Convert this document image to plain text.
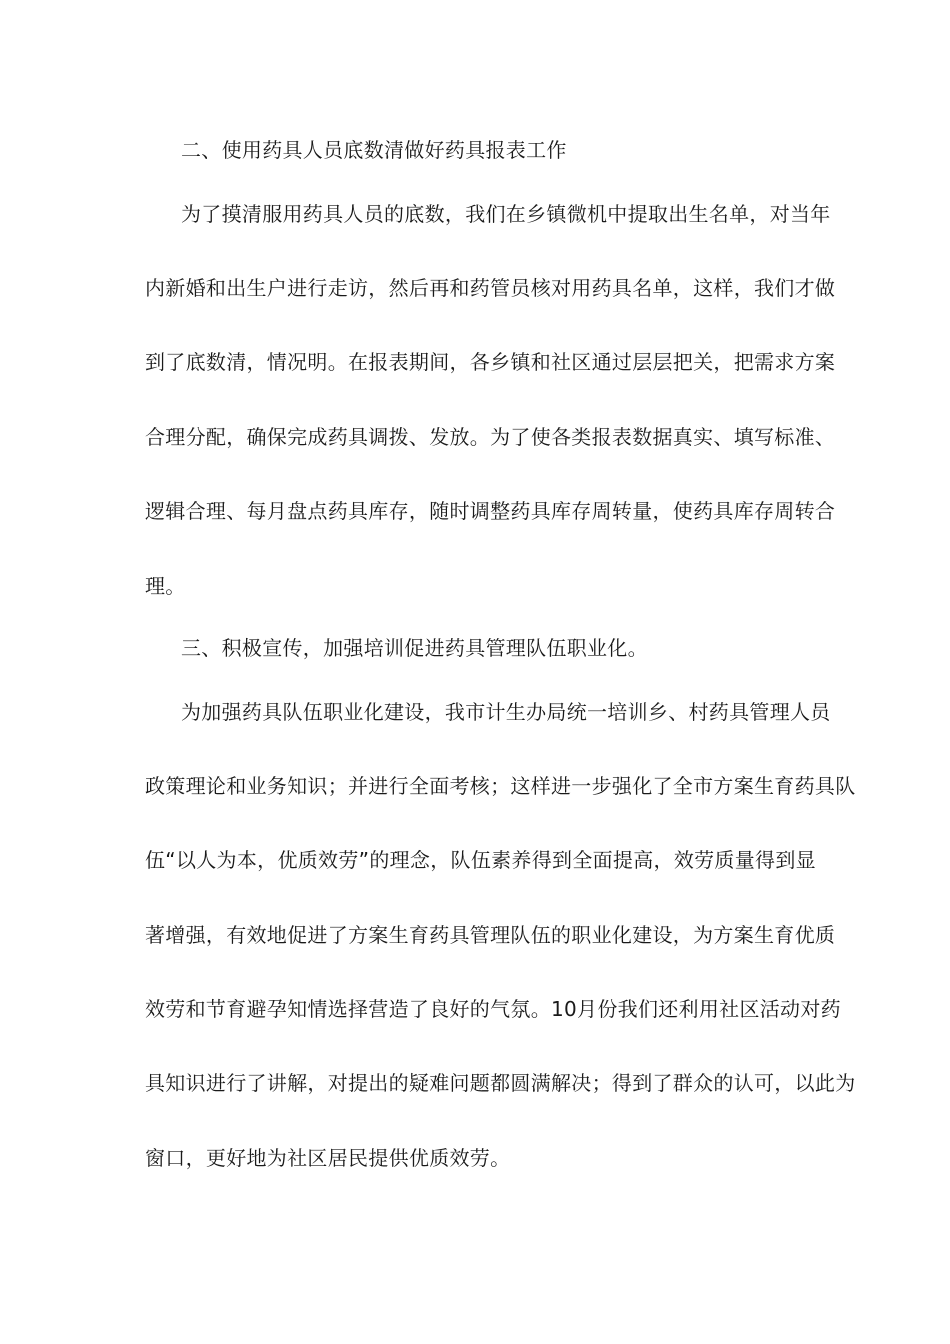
二、使用药具人员底数清做好药具报表工作
为了摸清服用药具人员的底数，我们在乡镇微机中提取出生名单，对当年
内新婚和出生户进行走访，然后再和药管员核对用药具名单，这样，我们才做
到了底数清，情况明。在报表期间，各乡镇和社区通过层层把关，把需求方案
合理分配，确保完成药具调拨、发放。为了使各类报表数据真实、填写标准、
逻辑合理、每月盘点药具库存，随时调整药具库存周转量，使药具库存周转合
理。
三、积极宣传，加强培训促进药具管理队伍职业化。
为加强药具队伍职业化建设，我市计生办局统一培训乡、村药具管理人员
政策理论和业务知识；并进行全面考核；这样进一步强化了全市方案生育药具队
伍“以人为本，优质效劳”的理念，队伍素养得到全面提高，效劳质量得到显
著增强，有效地促进了方案生育药具管理队伍的职业化建设，为方案生育优质
效劳和节育避孕知情选择营造了良好的气氛。10月份我们还利用社区活动对药
具知识进行了讲解，对提出的疑难问题都圆满解决；得到了群众的认可，以此为
窗口，更好地为社区居民提供优质效劳。
